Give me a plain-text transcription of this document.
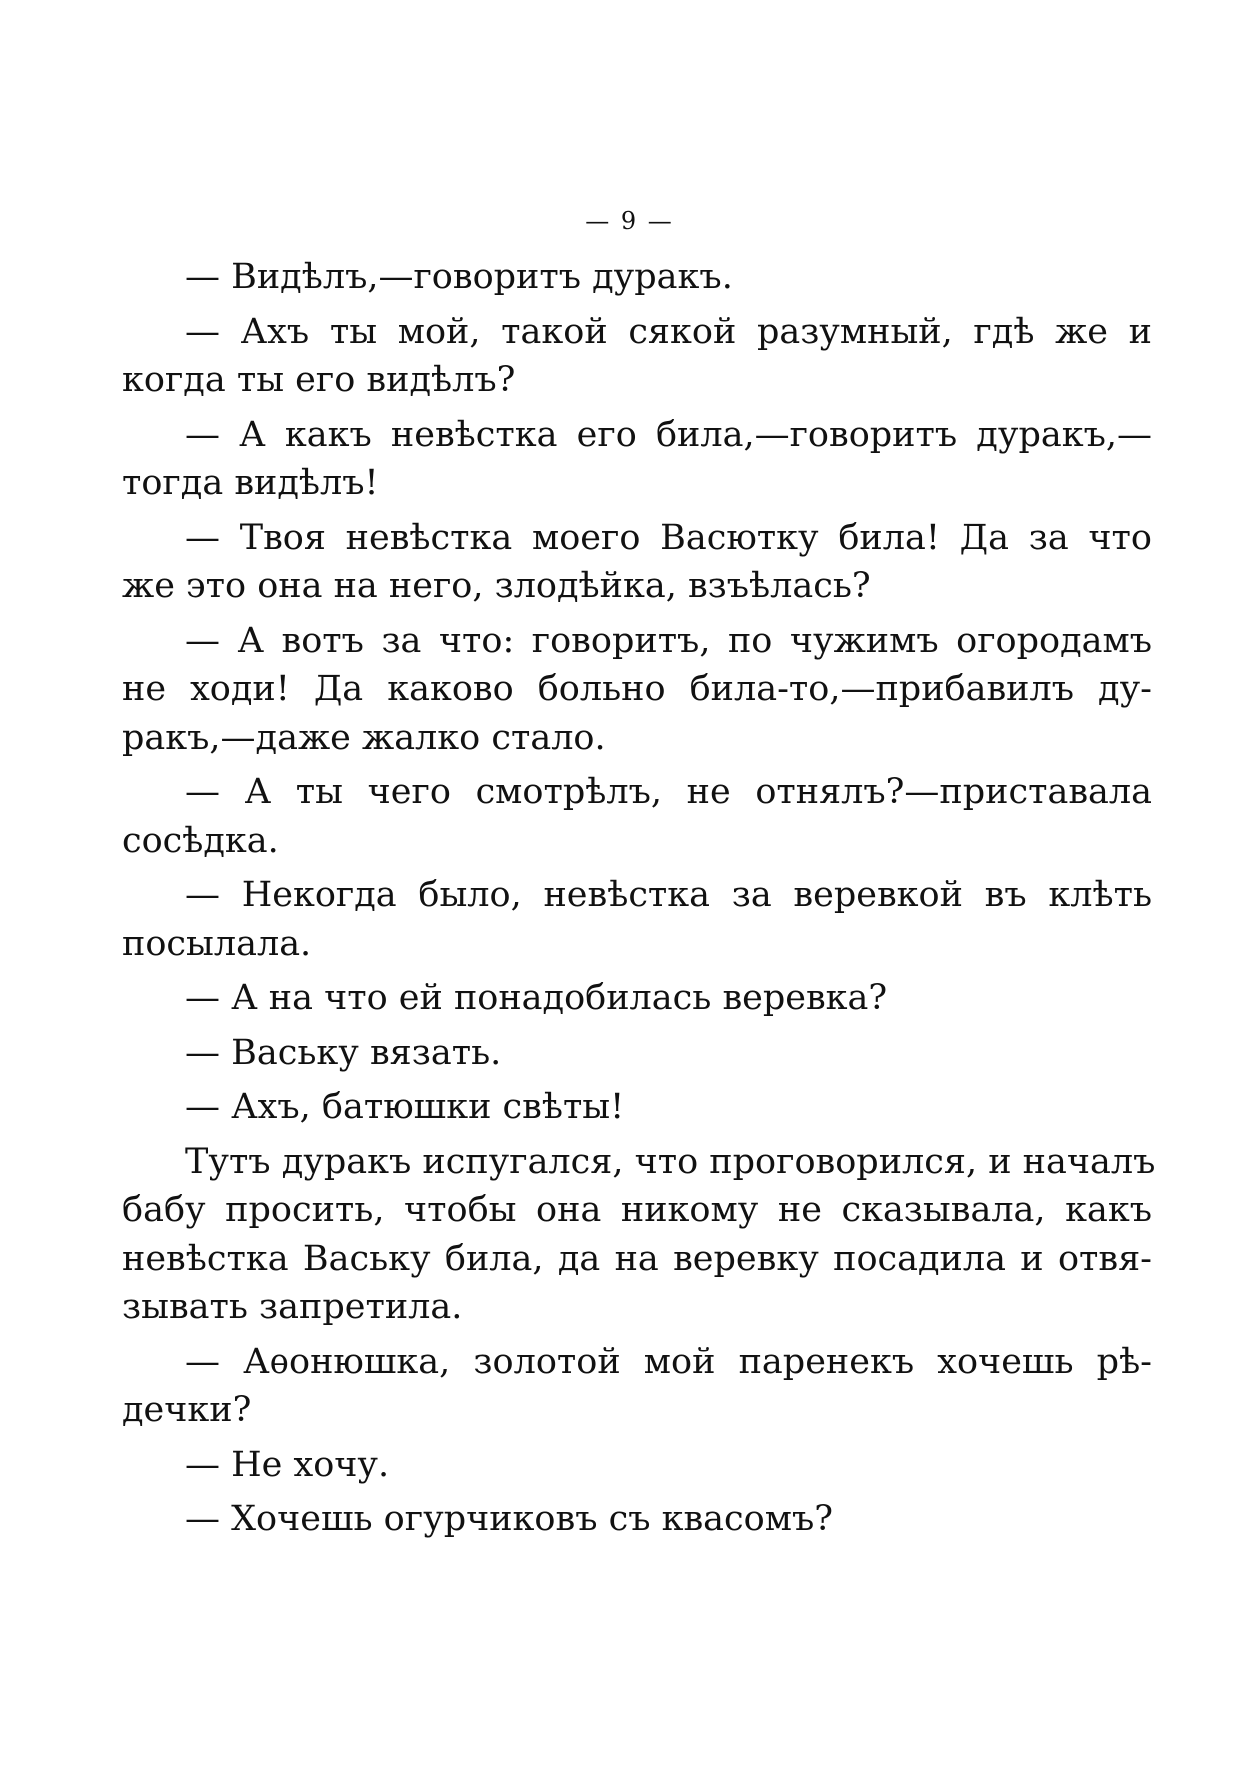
— 9 —

— Видѣлъ,—говоритъ дуракъ.

— Ахъ ты мой, такой сякой разумный, гдѣ же и
когда ты его видѣлъ?

— А какъ невѣстка его била,—говоритъ дуракъ,—
тогда видѣлъ!

— Твоя невѣстка моего Васютку била! Да за что
же это она на него, злодѣйка, взъѣлась?

— А вотъ за что: говоритъ, по чужимъ огородамъ
не ходи! Да каково больно била-то,—прибавилъ ду-
ракъ,—даже жалко стало.

— А ты чего смотрѣлъ, не отнялъ?—приставала
сосѣдка.

— Некогда было, невѣстка за веревкой въ клѣть
посылала.

— А на что ей понадобилась веревка?

— Ваську вязать.

— Ахъ, батюшки свѣты!

Тутъ дуракъ испугался, что проговорился, и началъ
бабу просить, чтобы она никому не сказывала, какъ
невѣстка Ваську била, да на веревку посадила и отвя-
зывать запретила.

— Аѳонюшка, золотой мой паренекъ хочешь рѣ-
дечки?

— Не хочу.

— Хочешь огурчиковъ съ квасомъ?
